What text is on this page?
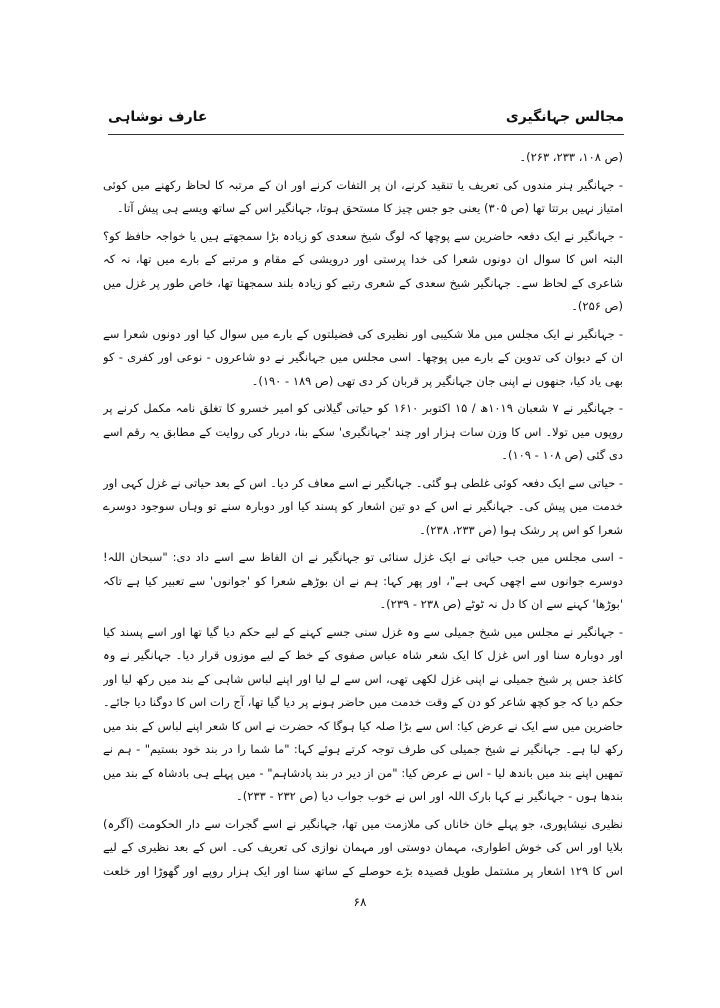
مجالس جہانگیری
عارف نوشاہی

(ص ۱۰۸، ۲۳۳، ۲۶۳)۔

- جہانگیر ہنر مندوں کی تعریف یا تنقید کرنے، ان پر التفات کرنے اور ان کے مرتبہ کا لحاظ رکھنے میں کوئی امتیاز نہیں برتتا تھا (ص ۳۰۵) یعنی جو جس چیز کا مستحق ہوتا، جہانگیر اس کے ساتھ ویسے ہی پیش آتا۔

- جہانگیر نے ایک دفعہ حاضرین سے پوچھا کہ لوگ شیخ سعدی کو زیادہ بڑا سمجھتے ہیں یا خواجہ حافظ کو؟ البتہ اس کا سوال ان دونوں شعرا کی خدا پرستی اور درویشی کے مقام و مرتبے کے بارے میں تھا، نہ کہ شاعری کے لحاظ سے۔ جہانگیر شیخ سعدی کے شعری رتبے کو زیادہ بلند سمجھتا تھا، خاص طور پر غزل میں (ص ۲۵۶)۔

- جہانگیر نے ایک مجلس میں ملا شکیبی اور نظیری کی فضیلتوں کے بارے میں سوال کیا اور دونوں شعرا سے ان کے دیوان کی تدوین کے بارے میں پوچھا۔ اسی مجلس میں جہانگیر نے دو شاعروں - نوعی اور کفری - کو بھی یاد کیا، جنھوں نے اپنی جان جہانگیر پر قربان کر دی تھی (ص ۱۸۹ - ۱۹۰)۔

- جہانگیر نے ۷ شعبان ۱۰۱۹ھ / ۱۵ اکتوبر ۱۶۱۰ کو حیاتی گیلانی کو امیر خسرو کا تغلق نامہ مکمل کرنے پر روپوں میں تولا۔ اس کا وزن سات ہزار اور چند 'جہانگیری' سکے بنا، دربار کی روایت کے مطابق یہ رقم اسے دی گئی (ص ۱۰۸ - ۱۰۹)۔

- حیاتی سے ایک دفعہ کوئی غلطی ہو گئی۔ جہانگیر نے اسے معاف کر دیا۔ اس کے بعد حیاتی نے غزل کہی اور خدمت میں پیش کی۔ جہانگیر نے اس کے دو تین اشعار کو پسند کیا اور دوبارہ سنے تو وہاں سوجود دوسرے شعرا کو اس پر رشک ہوا (ص ۲۳۳، ۲۳۸)۔

- اسی مجلس میں جب حیاتی نے ایک غزل سنائی تو جہانگیر نے ان الفاظ سے اسے داد دی: "سبحان اللہ! دوسرے جوانوں سے اچھی کہی ہے"، اور پھر کہا: ہم نے ان بوڑھے شعرا کو 'جوانوں' سے تعبیر کیا ہے تاکہ 'بوڑھا' کہنے سے ان کا دل نہ ٹوٹے (ص ۲۳۸ - ۲۳۹)۔

- جہانگیر نے مجلس میں شیخ جمیلی سے وہ غزل سنی جسے کہنے کے لیے حکم دیا گیا تھا اور اسے پسند کیا اور دوبارہ سنا اور اس غزل کا ایک شعر شاہ عباس صفوی کے خط کے لیے موزوں قرار دیا۔ جہانگیر نے وہ کاغذ جس پر شیخ جمیلی نے اپنی غزل لکھی تھی، اس سے لے لیا اور اپنے لباس شاہی کے بند میں رکھ لیا اور حکم دیا کہ جو کچھ شاعر کو دن کے وقت خدمت میں حاضر ہونے پر دیا گیا تھا، آج رات اس کا دوگنا دیا جائے۔ حاضرین میں سے ایک نے عرض کیا: اس سے بڑا صلہ کیا ہوگا کہ حضرت نے اس کا شعر اپنے لباس کے بند میں رکھ لیا ہے۔ جہانگیر نے شیخ جمیلی کی طرف توجہ کرتے ہوئے کہا: "ما شما را در بند خود بستیم" - ہم نے تمھیں اپنے بند میں باندھ لیا - اس نے عرض کیا: "من از دیر در بند پادشاہم" - میں پہلے ہی بادشاہ کے بند میں بندھا ہوں - جہانگیر نے کہا بارک اللہ اور اس نے خوب جواب دیا (ص ۲۳۲ - ۲۳۳)۔

نظیری نیشاپوری، جو پہلے خان خاناں کی ملازمت میں تھا، جہانگیر نے اسے گجرات سے دار الحکومت (آگرہ) بلایا اور اس کی خوش اطواری، مہمان دوستی اور مہمان نوازی کی تعریف کی۔ اس کے بعد نظیری کے لیے اس کا ۱۲۹ اشعار پر مشتمل طویل قصیدہ بڑے حوصلے کے ساتھ سنا اور ایک ہزار روپے اور گھوڑا اور خلعت

۶۸
